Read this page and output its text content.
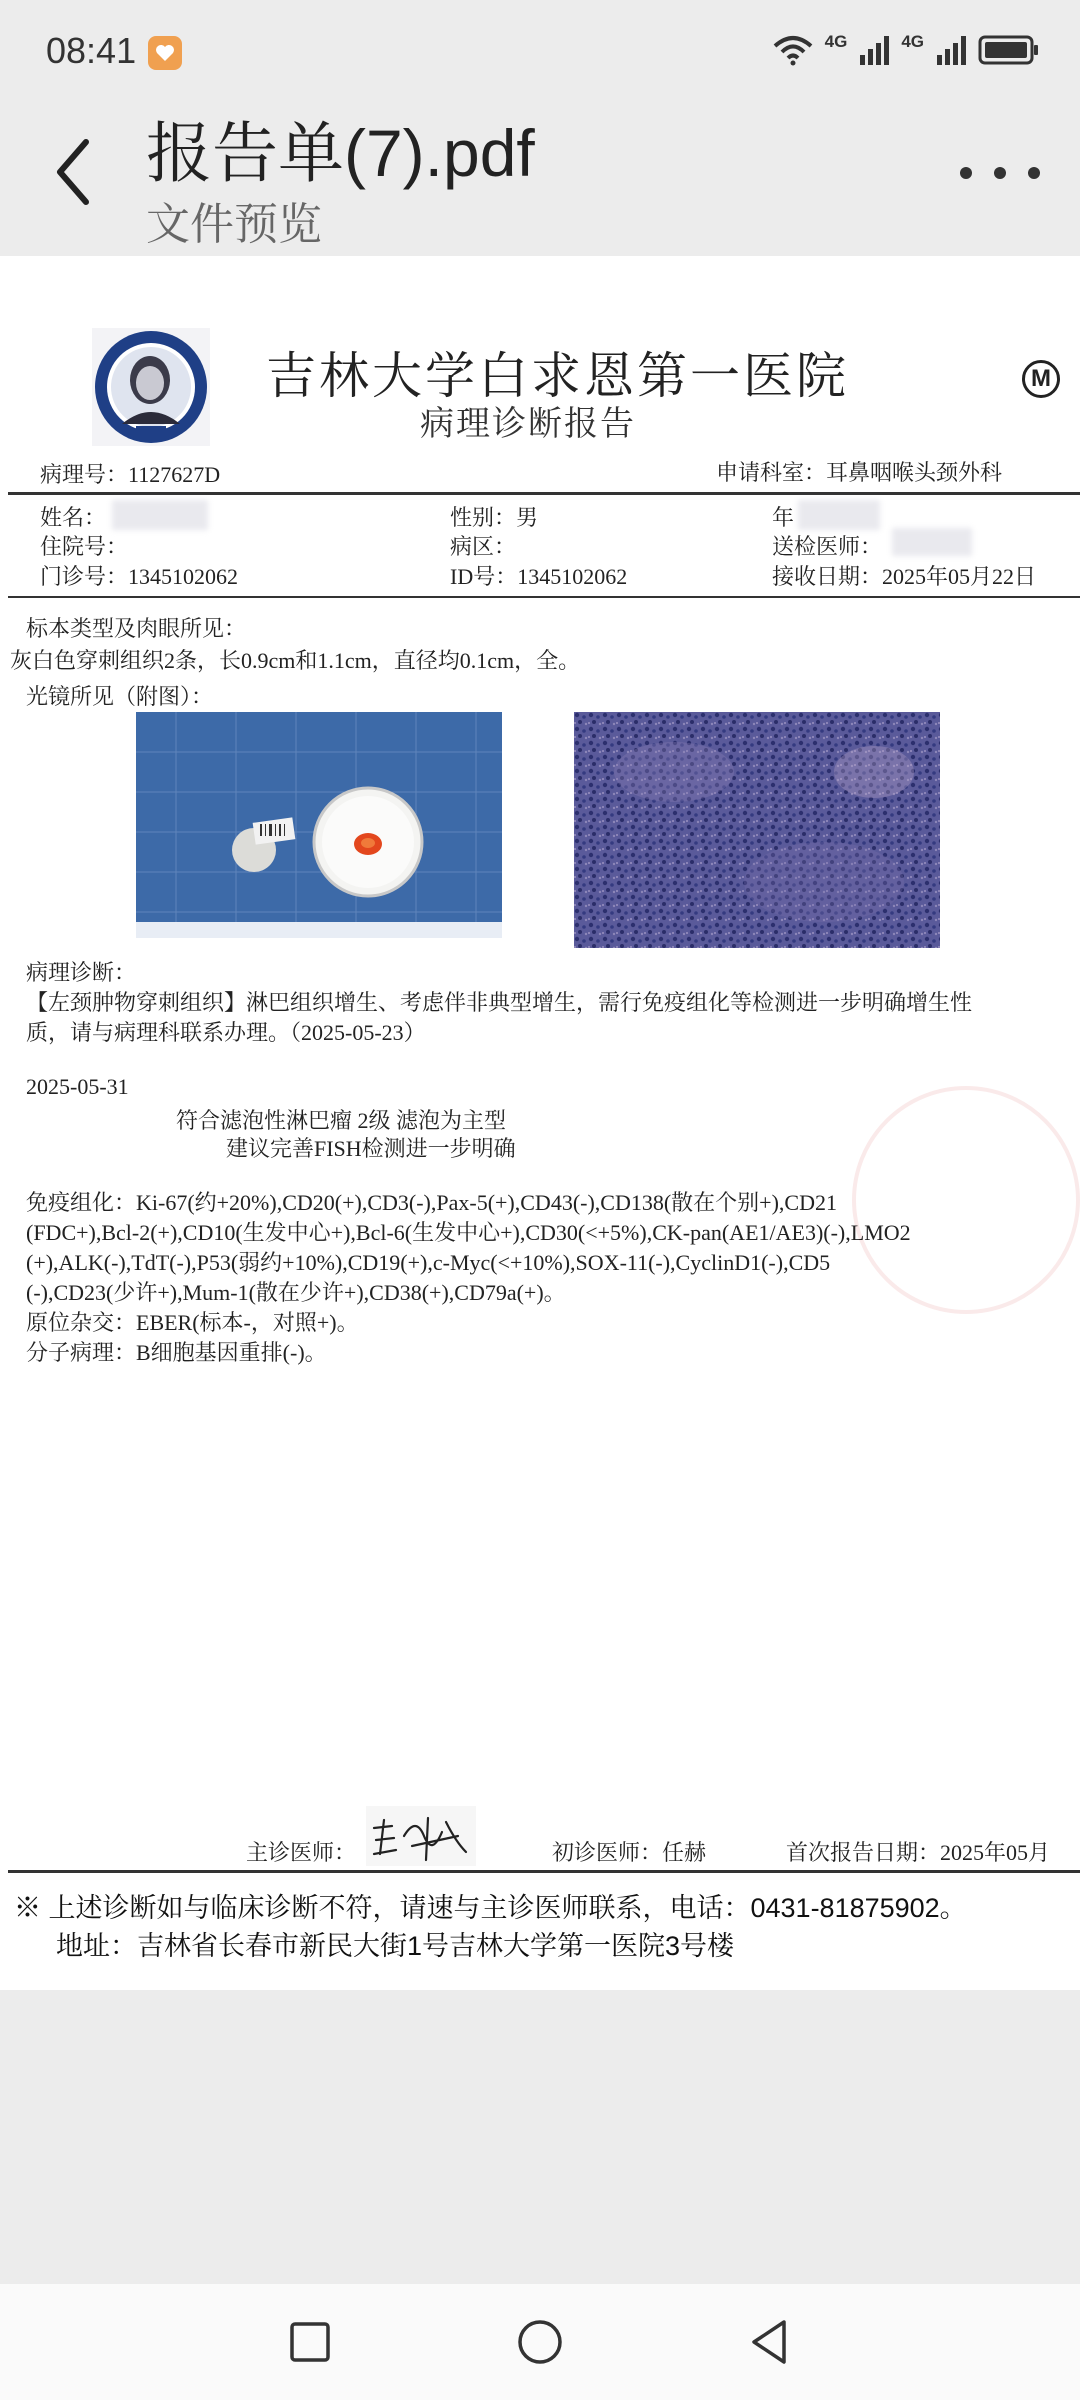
08:41	4G	4G
报告单(7).pdf
文件预览
吉林大学白求恩第一医院
病理诊断报告
M
病理号：1127627D	申请科室：耳鼻咽喉头颈外科
姓名：	性别：男	年
住院号：	病区：	送检医师：
门诊号：1345102062	ID号：1345102062	接收日期：2025年05月22日
标本类型及肉眼所见：
灰白色穿刺组织2条，长0.9cm和1.1cm，直径均0.1cm，全。
光镜所见（附图）：
病理诊断：
【左颈肿物穿刺组织】淋巴组织增生、考虑伴非典型增生，需行免疫组化等检测进一步明确增生性
质，请与病理科联系办理。（2025-05-23）
2025-05-31
符合滤泡性淋巴瘤 2级 滤泡为主型
建议完善FISH检测进一步明确
免疫组化：Ki-67(约+20%),CD20(+),CD3(-),Pax-5(+),CD43(-),CD138(散在个别+),CD21
(FDC+),Bcl-2(+),CD10(生发中心+),Bcl-6(生发中心+),CD30(<+5%),CK-pan(AE1/AE3)(-),LMO2
(+),ALK(-),TdT(-),P53(弱约+10%),CD19(+),c-Myc(<+10%),SOX-11(-),CyclinD1(-),CD5
(-),CD23(少许+),Mum-1(散在少许+),CD38(+),CD79a(+)。
原位杂交：EBER(标本-，对照+)。
分子病理：B细胞基因重排(-)。
主诊医师：	初诊医师：任赫	首次报告日期：2025年05月
※ 上述诊断如与临床诊断不符，请速与主诊医师联系，电话：0431-81875902。
地址：吉林省长春市新民大街1号吉林大学第一医院3号楼
